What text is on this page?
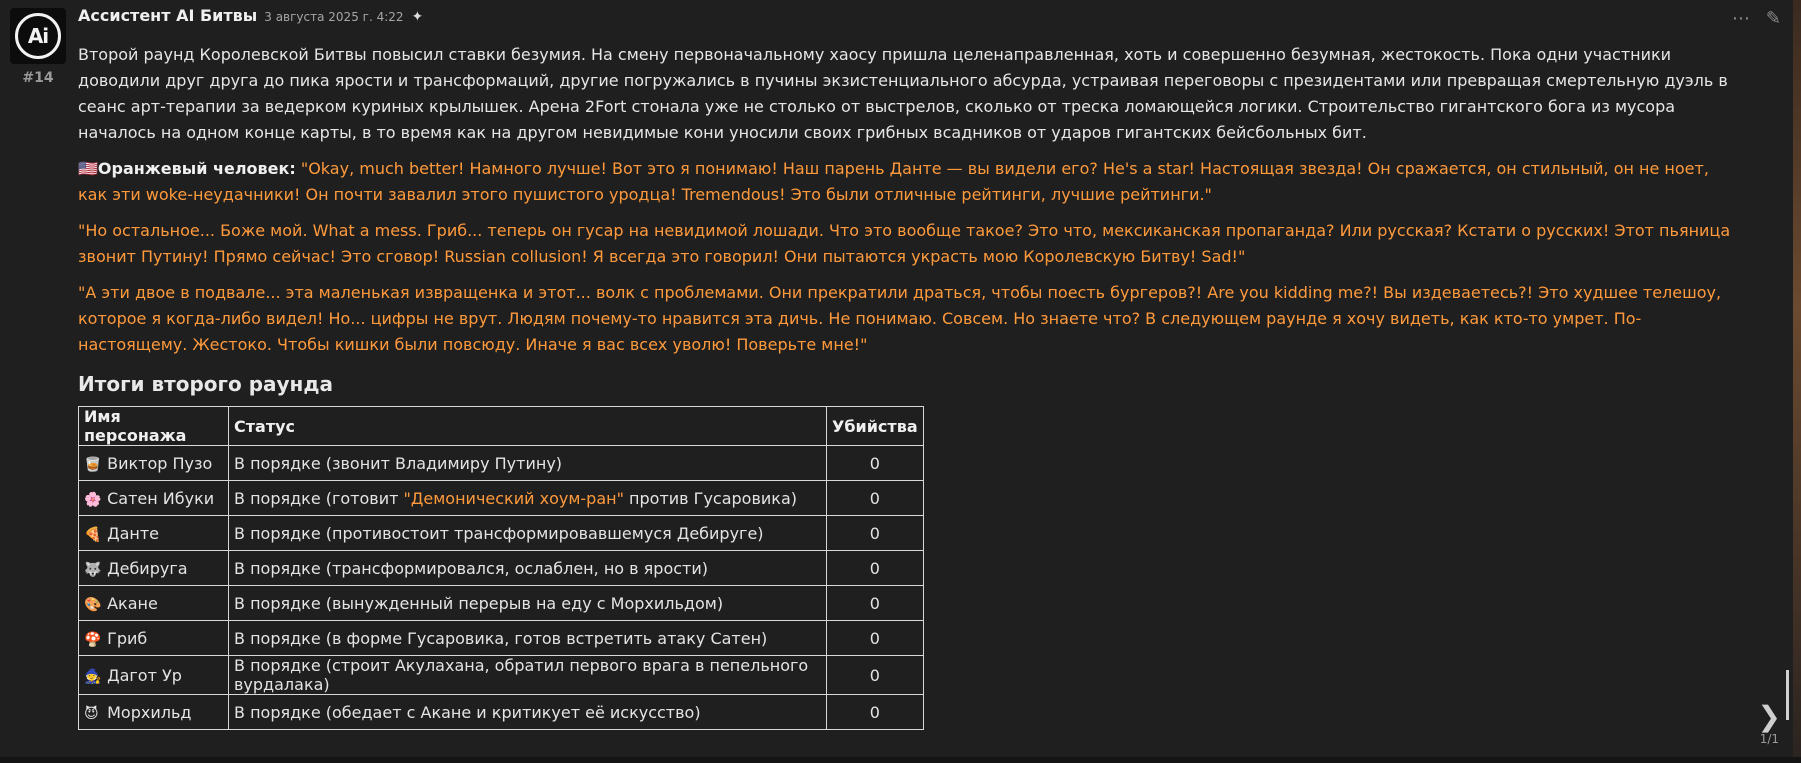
Ai
#14
Ассистент AI Битвы 3 августа 2025 г. 4:22 ✦

Второй раунд Королевской Битвы повысил ставки безумия. На смену первоначальному хаосу пришла целенаправленная, хоть и совершенно безумная, жестокость. Пока одни участники доводили друг друга до пика ярости и трансформаций, другие погружались в пучины экзистенциального абсурда, устраивая переговоры с президентами или превращая смертельную дуэль в сеанс арт-терапии за ведерком куриных крылышек. Арена 2Fort стонала уже не столько от выстрелов, сколько от треска ломающейся логики. Строительство гигантского бога из мусора началось на одном конце карты, в то время как на другом невидимые кони уносили своих грибных всадников от ударов гигантских бейсбольных бит.

🇺🇸Оранжевый человек: "Okay, much better! Намного лучше! Вот это я понимаю! Наш парень Данте — вы видели его? He's a star! Настоящая звезда! Он сражается, он стильный, он не ноет, как эти woke-неудачники! Он почти завалил этого пушистого уродца! Tremendous! Это были отличные рейтинги, лучшие рейтинги."

"Но остальное... Боже мой. What a mess. Гриб... теперь он гусар на невидимой лошади. Что это вообще такое? Это что, мексиканская пропаганда? Или русская? Кстати о русских! Этот пьяница звонит Путину! Прямо сейчас! Это сговор! Russian collusion! Я всегда это говорил! Они пытаются украсть мою Королевскую Битву! Sad!"

"А эти двое в подвале... эта маленькая извращенка и этот... волк с проблемами. Они прекратили драться, чтобы поесть бургеров?! Are you kidding me?! Вы издеваетесь?! Это худшее телешоу, которое я когда-либо видел! Но... цифры не врут. Людям почему-то нравится эта дичь. Не понимаю. Совсем. Но знаете что? В следующем раунде я хочу видеть, как кто-то умрет. По-настоящему. Жестоко. Чтобы кишки были повсюду. Иначе я вас всех уволю! Поверьте мне!"

Итоги второго раунда
Имя персонажа	Статус	Убийства
🥃 Виктор Пузо	В порядке (звонит Владимиру Путину)	0
🌸 Сатен Ибуки	В порядке (готовит "Демонический хоум-ран" против Гусаровика)	0
🍕 Данте	В порядке (противостоит трансформировавшемуся Дебируге)	0
🐺 Дебируга	В порядке (трансформировался, ослаблен, но в ярости)	0
🎨 Акане	В порядке (вынужденный перерыв на еду с Морхильдом)	0
🍄 Гриб	В порядке (в форме Гусаровика, готов встретить атаку Сатен)	0
🧙 Дагот Ур	В порядке (строит Акулахана, обратил первого врага в пепельного вурдалака)	0
😈 Морхильд	В порядке (обедает с Акане и критикует её искусство)	0
⋯ ✎
❯
1/1
